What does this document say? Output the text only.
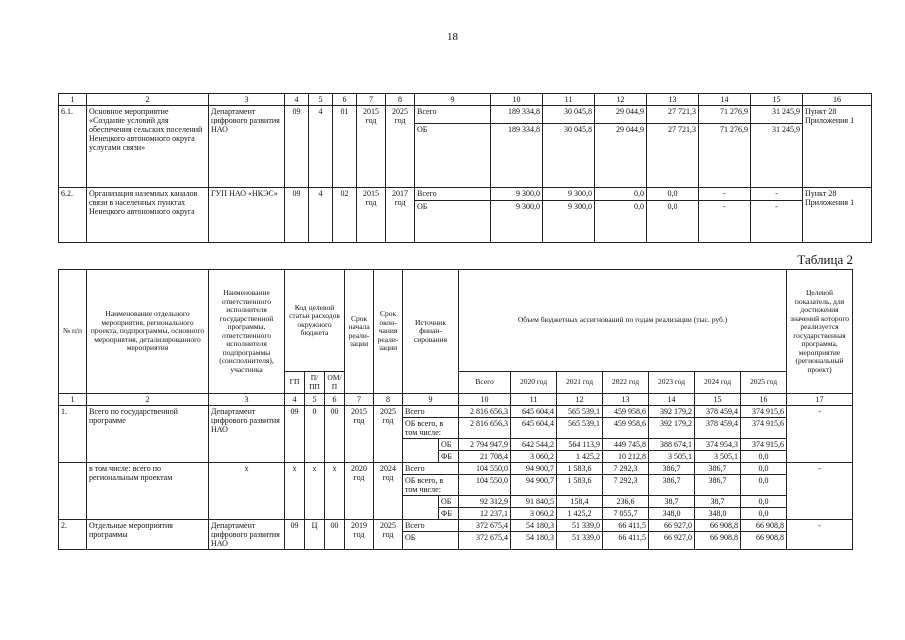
18
1	2	3	4	5	6	7	8	9	10	11	12	13	14	15	16
6.1.	Основное мероприятие «Создание условий для обеспечения сельских поселений Ненецкого автономного округа услугами связи»	Департамент цифрового развития НАО	09	4	01	2015 год	2025 год	Всего	189 334,8	30 045,8	29 044,9	27 721,3	71 276,9	31 245,9	Пункт 28 Приложения 1
								ОБ	189 334,8	30 045,8	29 044,9	27 721,3	71 276,9	31 245,9	
6.2.	Организация наземных каналов связи в населенных пунктах Ненецкого автономного округа	ГУП НАО «НКЭС»	09	4	02	2015 год	2017 год	Всего	9 300,0	9 300,0	0,0	0,0	-	-	Пункт 28 Приложения 1
								ОБ	9 300,0	9 300,0	0,0	0,0	-	-	
Таблица 2
№ п/п	Наименование отдельного мероприятия, регионального проекта, подпрограммы, основного мероприятия, детализированного мероприятия	Наименование ответственного исполнителя государственной программы, ответственного исполнителя подпрограммы (соисполнителя), участника	Код целевой статьи расходов окружного бюджета			Срок начала реали-зации	Срок окон-чания реали-зации	Источник финан-сирования		Объем бюджетных ассигнований по годам реализации (тыс. руб.)							Целевой показатель, для достижения значений которого реализуется государственная программа, мероприятие (региональный проект)
			ГП	П/ ПП	ОМ/ П					Всего	2020 год	2021 год	2022 год	2023 год	2024 год	2025 год	
1	2	3	4	5	6	7	8	9		10	11	12	13	14	15	16	17
1.	Всего по государственной программе	Департамент цифрового развития НАО	09	0	00	2015 год	2025 год	Всего		2 816 656,3	645 604,4	565 539,1	459 958,6	392 179,2	378 459,4	374 915,6	-
								ОБ всего, в том числе:		2 816 656,3	645 604,4	565 539,1	459 958,6	392 179,2	378 459,4	374 915,6	
									ОБ	2 794 947,9	642 544,2	564 113,9	449 745,8	388 674,1	374 954,3	374 915,6	
									ФБ	21 708,4	3 060,2	1 425,2	10 212,8	3 505,1	3 505,1	0,0	
	в том числе: всего по региональным проектам	x	x	x	x	2020 год	2024 год	Всего		104 550,0	94 900,7	1 583,6	7 292,3	386,7	386,7	0,0	-
								ОБ всего, в том числе:		104 550,0	94 900,7	1 583,6	7 292,3	386,7	386,7	0,0	
									ОБ	92 312,9	91 840,5	158,4	236,6	38,7	38,7	0,0	
									ФБ	12 237,1	3 060,2	1 425,2	7 055,7	348,0	348,0	0,0	
2.	Отдельные мероприятия программы	Департамент цифрового развития НАО	09	Ц	00	2019 год	2025 год	Всего		372 675,4	54 180,3	51 339,0	66 411,5	66 927,0	66 908,8	66 908,8	-
								ОБ		372 675,4	54 180,3	51 339,0	66 411,5	66 927,0	66 908,8	66 908,8	
